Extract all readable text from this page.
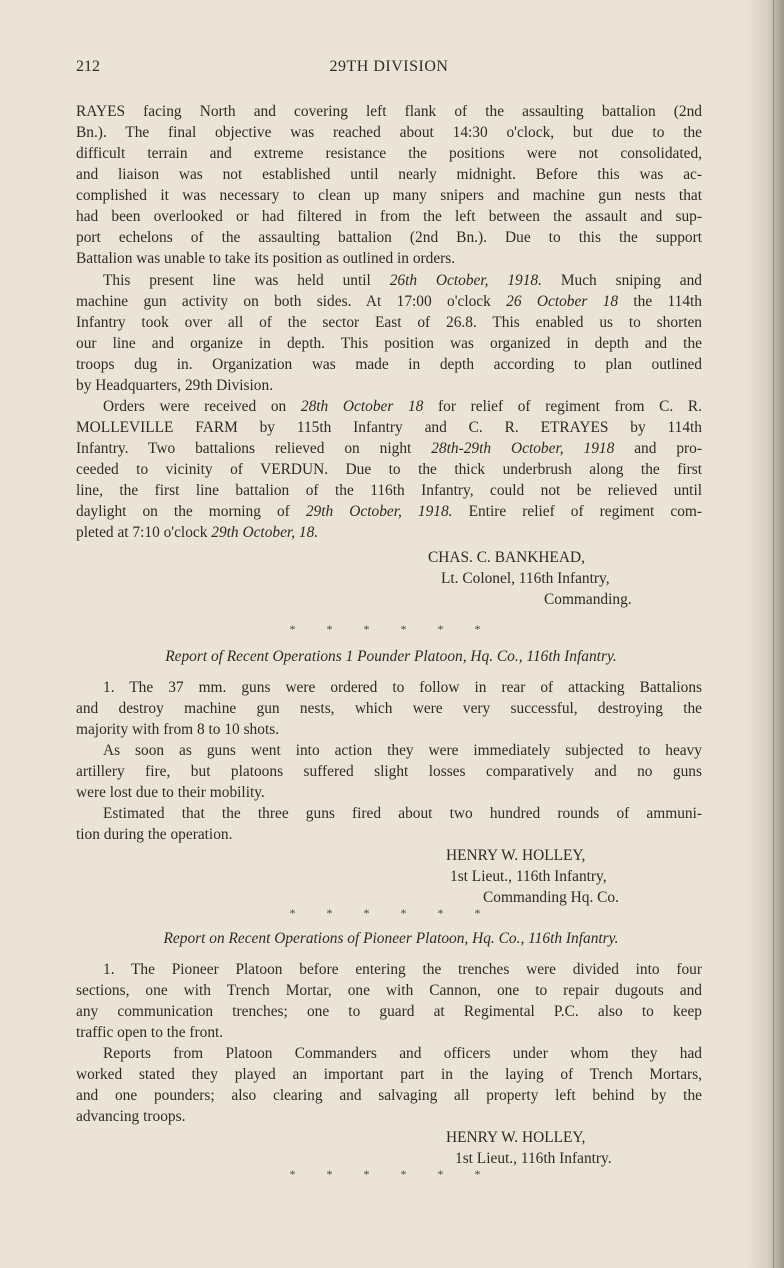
212	29TH DIVISION
RAYES facing North and covering left flank of the assaulting battalion (2nd
Bn.). The final objective was reached about 14:30 o'clock, but due to the
difficult terrain and extreme resistance the positions were not consolidated,
and liaison was not established until nearly midnight. Before this was ac-
complished it was necessary to clean up many snipers and machine gun nests that
had been overlooked or had filtered in from the left between the assault and sup-
port echelons of the assaulting battalion (2nd Bn.). Due to this the support
Battalion was unable to take its position as outlined in orders.
This present line was held until 26th October, 1918. Much sniping and
machine gun activity on both sides. At 17:00 o'clock 26 October 18 the 114th
Infantry took over all of the sector East of 26.8. This enabled us to shorten
our line and organize in depth. This position was organized in depth and the
troops dug in. Organization was made in depth according to plan outlined
by Headquarters, 29th Division.
Orders were received on 28th October 18 for relief of regiment from C. R.
MOLLEVILLE FARM by 115th Infantry and C. R. ETRAYES by 114th
Infantry. Two battalions relieved on night 28th-29th October, 1918 and pro-
ceeded to vicinity of VERDUN. Due to the thick underbrush along the first
line, the first line battalion of the 116th Infantry, could not be relieved until
daylight on the morning of 29th October, 1918. Entire relief of regiment com-
pleted at 7:10 o'clock 29th October, 18.
CHAS. C. BANKHEAD,
Lt. Colonel, 116th Infantry,
Commanding.
* * * * * *
Report of Recent Operations 1 Pounder Platoon, Hq. Co., 116th Infantry.
1. The 37 mm. guns were ordered to follow in rear of attacking Battalions
and destroy machine gun nests, which were very successful, destroying the
majority with from 8 to 10 shots.
As soon as guns went into action they were immediately subjected to heavy
artillery fire, but platoons suffered slight losses comparatively and no guns
were lost due to their mobility.
Estimated that the three guns fired about two hundred rounds of ammuni-
tion during the operation.
HENRY W. HOLLEY,
1st Lieut., 116th Infantry,
Commanding Hq. Co.
* * * * * *
Report on Recent Operations of Pioneer Platoon, Hq. Co., 116th Infantry.
1. The Pioneer Platoon before entering the trenches were divided into four
sections, one with Trench Mortar, one with Cannon, one to repair dugouts and
any communication trenches; one to guard at Regimental P.C. also to keep
traffic open to the front.
Reports from Platoon Commanders and officers under whom they had
worked stated they played an important part in the laying of Trench Mortars,
and one pounders; also clearing and salvaging all property left behind by the
advancing troops.
HENRY W. HOLLEY,
1st Lieut., 116th Infantry.
* * * * * *
